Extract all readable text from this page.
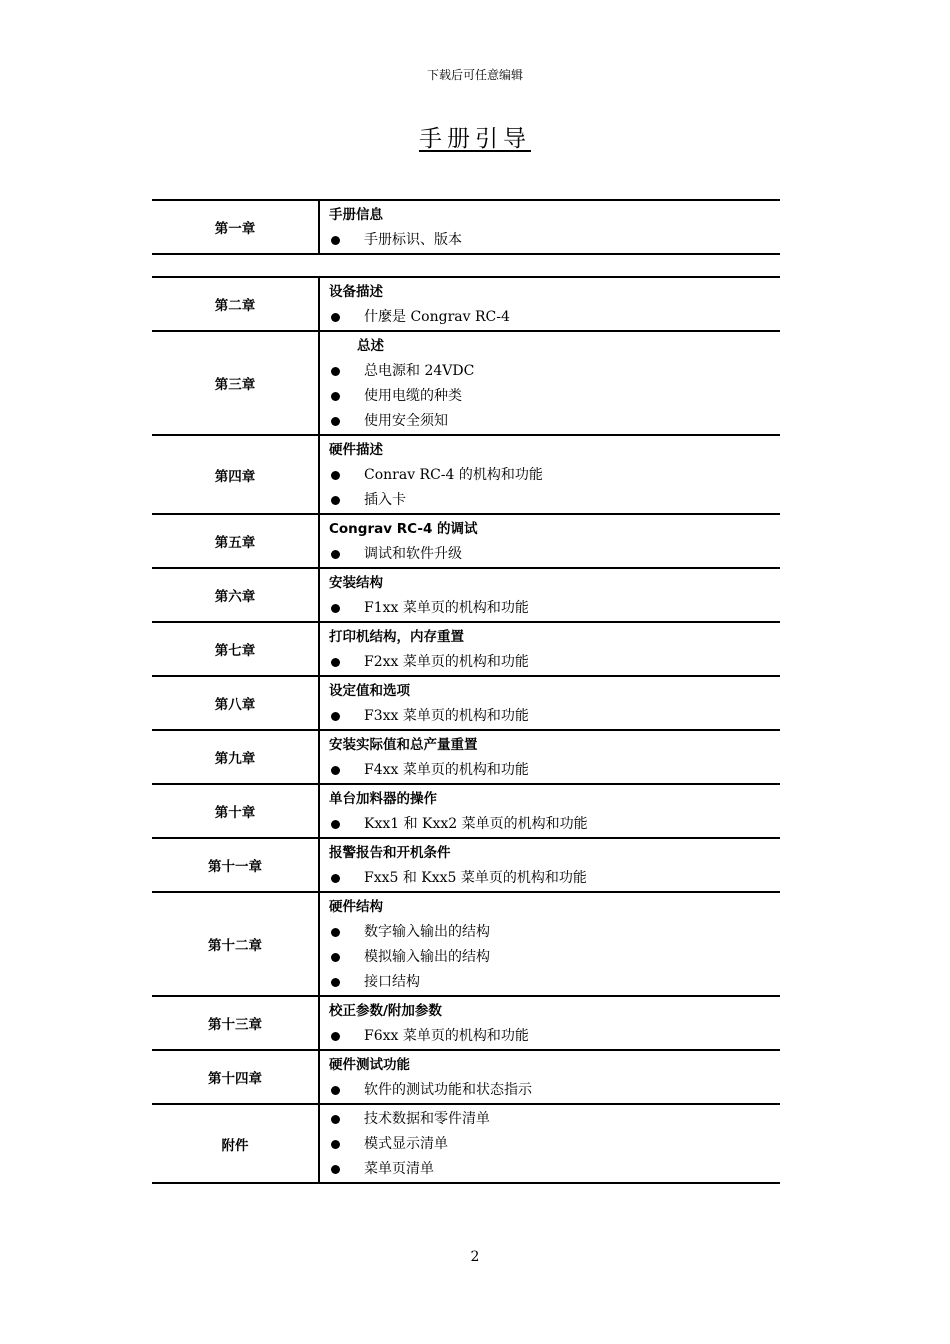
下载后可任意编辑
手册引导
第一章
手册信息
手册标识、版本
第二章
设备描述
什麼是 Congrav RC-4
第三章
总述
总电源和 24VDC
使用电缆的种类
使用安全须知
第四章
硬件描述
Conrav RC-4 的机构和功能
插入卡
第五章
Congrav RC-4 的调试
调试和软件升级
第六章
安装结构
F1xx 菜单页的机构和功能
第七章
打印机结构，内存重置
F2xx 菜单页的机构和功能
第八章
设定值和选项
F3xx 菜单页的机构和功能
第九章
安装实际值和总产量重置
F4xx 菜单页的机构和功能
第十章
单台加料器的操作
Kxx1 和 Kxx2 菜单页的机构和功能
第十一章
报警报告和开机条件
Fxx5 和 Kxx5 菜单页的机构和功能
第十二章
硬件结构
数字输入输出的结构
模拟输入输出的结构
接口结构
第十三章
校正参数/附加参数
F6xx 菜单页的机构和功能
第十四章
硬件测试功能
软件的测试功能和状态指示
附件
技术数据和零件清单
模式显示清单
菜单页清单
2
